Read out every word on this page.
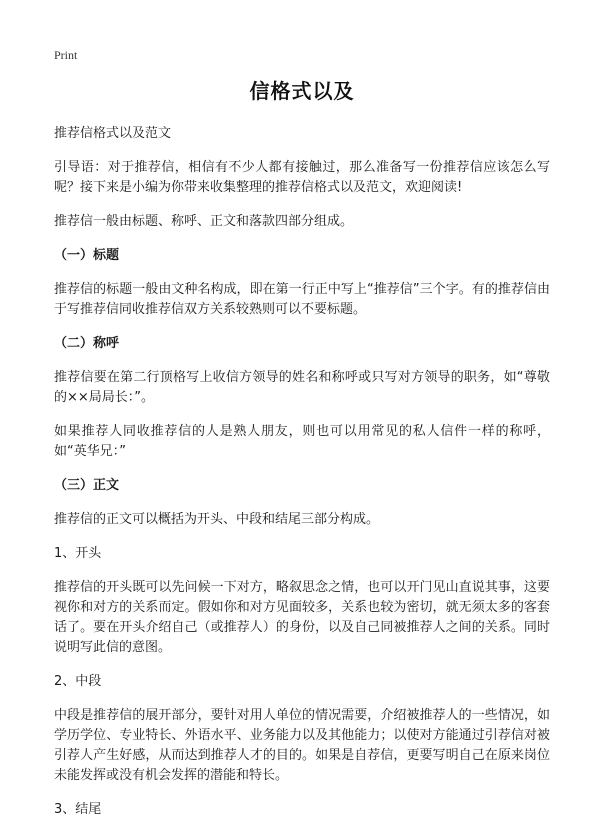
Print
信格式以及
推荐信格式以及范文
引导语：对于推荐信，相信有不少人都有接触过，那么准备写一份推荐信应该怎么写呢？接下来是小编为你带来收集整理的推荐信格式以及范文，欢迎阅读!
推荐信一般由标题、称呼、正文和落款四部分组成。
（一）标题
推荐信的标题一般由文种名构成，即在第一行正中写上“推荐信”三个字。有的推荐信由于写推荐信同收推荐信双方关系较熟则可以不要标题。
（二）称呼
推荐信要在第二行顶格写上收信方领导的姓名和称呼或只写对方领导的职务，如“尊敬的××局局长：”。
如果推荐人同收推荐信的人是熟人朋友，则也可以用常见的私人信件一样的称呼，如“英华兄：”
（三）正文
推荐信的正文可以概括为开头、中段和结尾三部分构成。
1、开头
推荐信的开头既可以先问候一下对方，略叙思念之情，也可以开门见山直说其事，这要视你和对方的关系而定。假如你和对方见面较多，关系也较为密切，就无须太多的客套话了。要在开头介绍自己（或推荐人）的身份，以及自己同被推荐人之间的关系。同时说明写此信的意图。
2、中段
中段是推荐信的展开部分，要针对用人单位的情况需要，介绍被推荐人的一些情况，如学历学位、专业特长、外语水平、业务能力以及其他能力；以使对方能通过引荐信对被引荐人产生好感，从而达到推荐人才的目的。如果是自荐信，更要写明自己在原来岗位未能发挥或没有机会发挥的潜能和特长。
3、结尾
